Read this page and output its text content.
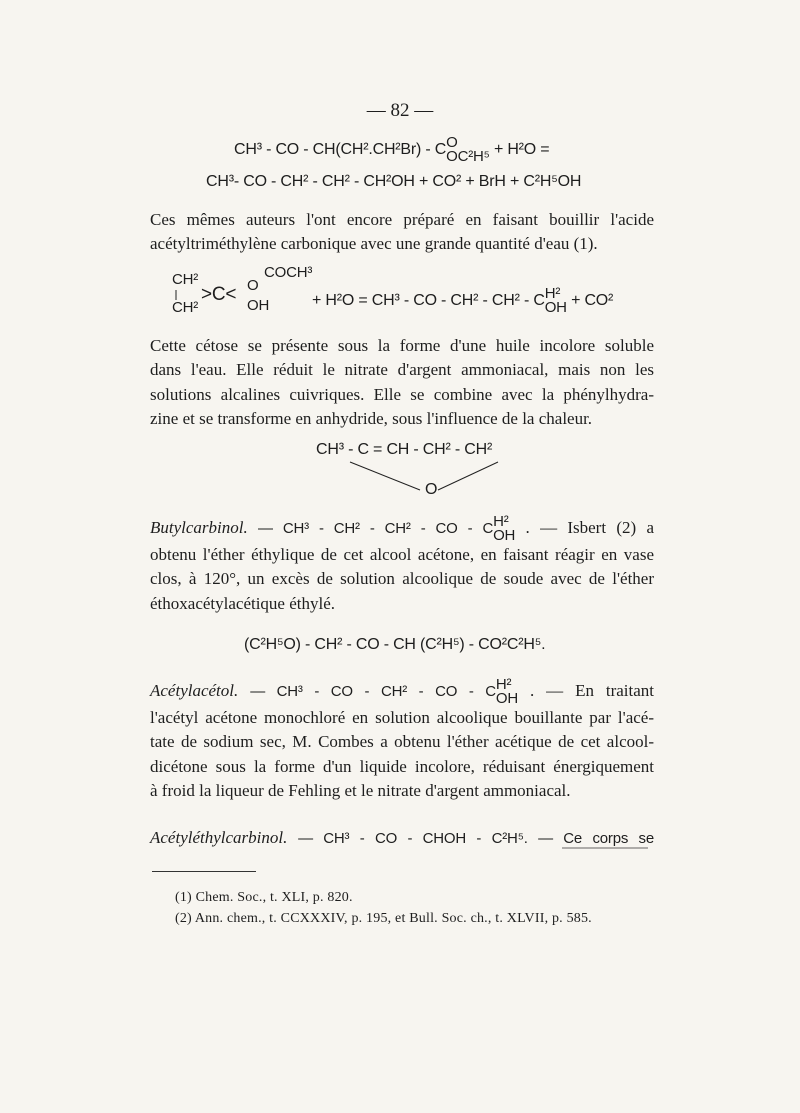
— 82 —
CH³ - CO - CH(CH².CH²Br) - C O
OC²H⁵ + H²O =
CH³- CO - CH² - CH² - CH²OH + CO² + BrH + C²H⁵OH
Ces mêmes auteurs l'ont encore préparé en faisant bouillir l'acide
acétyltriméthylène carbonique avec une grande quantité d'eau (1).
COCH³
CH²
CH²
>C< O
OH	+ H²O = CH³ - CO - CH² - CH² - C H²
OH + CO²
Cette cétose se présente sous la forme d'une huile incolore soluble
dans l'eau. Elle réduit le nitrate d'argent ammoniacal, mais non les
solutions alcalines cuivriques. Elle se combine avec la phénylhydra-
zine et se transforme en anhydride, sous l'influence de la chaleur.
CH³ - C = CH - CH² - CH²
O
Butylcarbinol. — CH³ - CH² - CH² - CO - C H²
OH . — Isbert (2) a
obtenu l'éther éthylique de cet alcool acétone, en faisant réagir en vase
clos, à 120°, un excès de solution alcoolique de soude avec de l'éther
éthoxacétylacétique éthylé.
(C²H⁵O) - CH² - CO - CH (C²H⁵) - CO²C²H⁵.
Acétylacétol. — CH³ - CO - CH² - CO - C H²
OH . — En traitant
l'acétyl acétone monochloré en solution alcoolique bouillante par l'acé-
tate de sodium sec, M. Combes a obtenu l'éther acétique de cet alcool-
dicétone sous la forme d'un liquide incolore, réduisant énergiquement
à froid la liqueur de Fehling et le nitrate d'argent ammoniacal.
Acétyléthylcarbinol. — CH³ - CO - CHOH - C²H⁵. — Ce corps se
(1) Chem. Soc., t. XLI, p. 820.
(2) Ann. chem., t. CCXXXIV, p. 195, et Bull. Soc. ch., t. XLVII, p. 585.
